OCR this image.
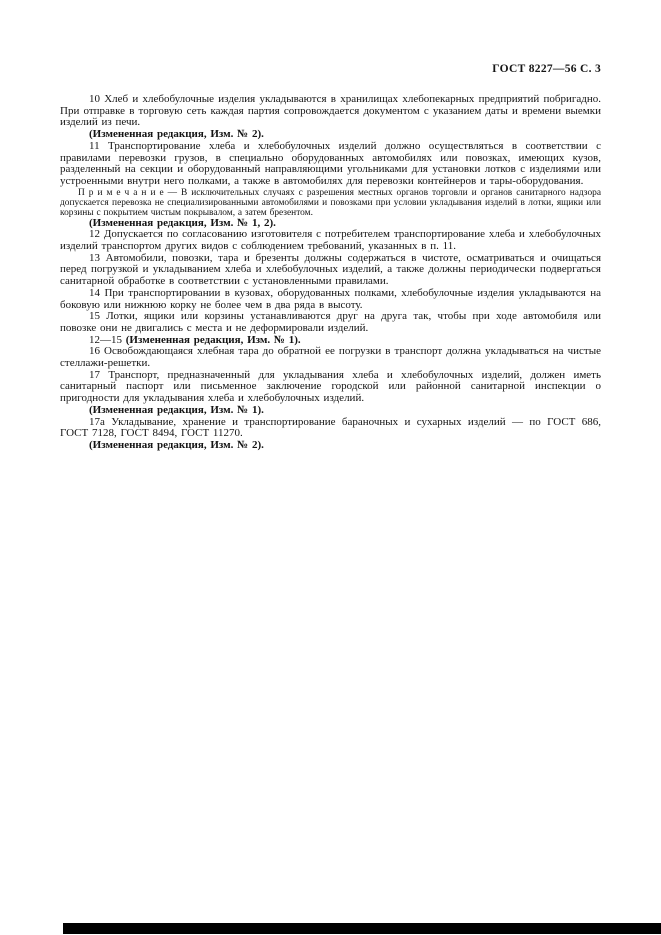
ГОСТ 8227—56 С. 3

10 Хлеб и хлебобулочные изделия укладываются в хранилищах хлебопекарных предприятий побригадно. При отправке в торговую сеть каждая партия сопровождается документом с указанием даты и времени выемки изделий из печи.

(Измененная редакция, Изм. № 2).

11 Транспортирование хлеба и хлебобулочных изделий должно осуществляться в соответствии с правилами перевозки грузов, в специально оборудованных автомобилях или повозках, имеющих кузов, разделенный на секции и оборудованный направляющими угольниками для установки лотков с изделиями или устроенными внутри него полками, а также в автомобилях для перевозки контейнеров и тары-оборудования.

П р и м е ч а н и е — В исключительных случаях с разрешения местных органов торговли и органов санитарного надзора допускается перевозка не специализированными автомобилями и повозками при условии укладывания изделий в лотки, ящики или корзины с покрытием чистым покрывалом, а затем брезентом.

(Измененная редакция, Изм. № 1, 2).

12 Допускается по согласованию изготовителя с потребителем транспортирование хлеба и хлебобулочных изделий транспортом других видов с соблюдением требований, указанных в п. 11.

13 Автомобили, повозки, тара и брезенты должны содержаться в чистоте, осматриваться и очищаться перед погрузкой и укладыванием хлеба и хлебобулочных изделий, а также должны периодически подвергаться санитарной обработке в соответствии с установленными правилами.

14 При транспортировании в кузовах, оборудованных полками, хлебобулочные изделия укладываются на боковую или нижнюю корку не более чем в два ряда в высоту.

15 Лотки, ящики или корзины устанавливаются друг на друга так, чтобы при ходе автомобиля или повозке они не двигались с места и не деформировали изделий.

12—15 (Измененная редакция, Изм. № 1).

16 Освобождающаяся хлебная тара до обратной ее погрузки в транспорт должна укладываться на чистые стеллажи-решетки.

17 Транспорт, предназначенный для укладывания хлеба и хлебобулочных изделий, должен иметь санитарный паспорт или письменное заключение городской или районной санитарной инспекции о пригодности для укладывания хлеба и хлебобулочных изделий.

(Измененная редакция, Изм. № 1).

17а Укладывание, хранение и транспортирование бараночных и сухарных изделий — по ГОСТ 686, ГОСТ 7128, ГОСТ 8494, ГОСТ 11270.

(Измененная редакция, Изм. № 2).
